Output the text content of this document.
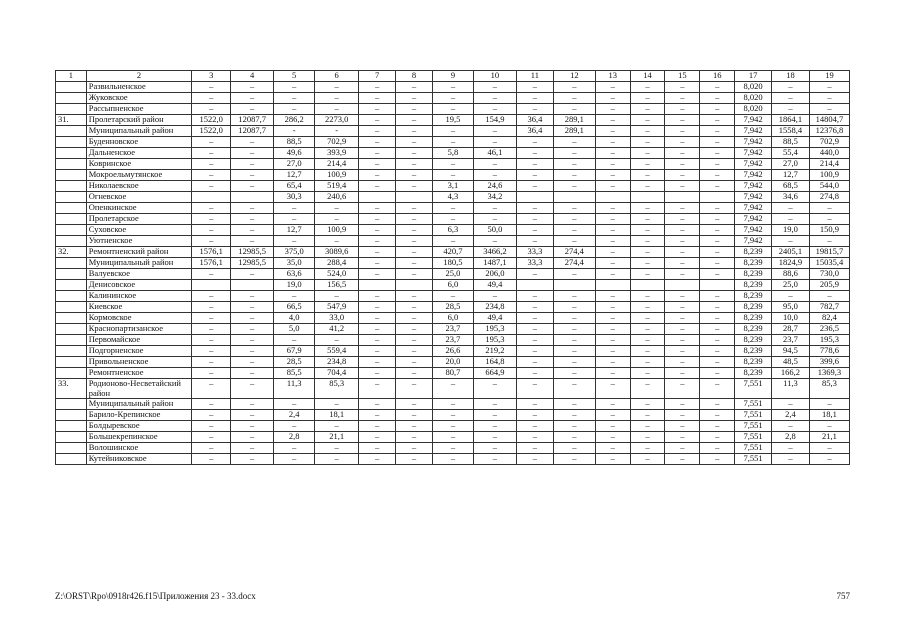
1	2	3	4	5	6	7	8	9	10	11	12	13	14	15	16	17	18	19
	Развильненское	–	–	–	–	–	–	–	–	–	–	–	–	–	–	8,020	–	–
	Жуковское	–	–	–	–	–	–	–	–	–	–	–	–	–	–	8,020	–	–
	Рассыпненское	–	–	–	–	–	–	–	–	–	–	–	–	–	–	8,020	–	–
31.	Пролетарский район	1522,0	12087,7	286,2	2273,0	–	–	19,5	154,9	36,4	289,1	–	–	–	–	7,942	1864,1	14804,7
	Муниципальный район	1522,0	12087,7	-	-	–	–	–	–	36,4	289,1	–	–	–	–	7,942	1558,4	12376,8
	Буденновское	–	–	88,5	702,9	–	–	–	–	–	–	–	–	–	–	7,942	88,5	702,9
	Дальненское	–	–	49,6	393,9	–	–	5,8	46,1	–	–	–	–	–	–	7,942	55,4	440,0
	Ковринское	–	–	27,0	214,4	–	–	–	–	–	–	–	–	–	–	7,942	27,0	214,4
	Мокроельмутянское	–	–	12,7	100,9	–	–	–	–	–	–	–	–	–	–	7,942	12,7	100,9
	Николаевское	–	–	65,4	519,4	–	–	3,1	24,6	–	–	–	–	–	–	7,942	68,5	544,0
	Огневское			30,3	240,6			4,3	34,2							7,942	34,6	274,8
	Опенкинское	–	–	–	–	–	–	–	–	–	–	–	–	–	–	7,942	–	–
	Пролетарское	–	–	–	–	–	–	–	–	–	–	–	–	–	–	7,942	–	–
	Суховское	–	–	12,7	100,9	–	–	6,3	50,0	–	–	–	–	–	–	7,942	19,0	150,9
	Уютненское	–	–	–	–	–	–	–	–	–	–	–	–	–	–	7,942	–	–
32.	Ремонтненский район	1576,1	12985,5	375,0	3089,6	–	–	420,7	3466,2	33,3	274,4	–	–	–	–	8,239	2405,1	19815,7
	Муниципальный район	1576,1	12985,5	35,0	288,4	–	–	180,5	1487,1	33,3	274,4	–	–	–	–	8,239	1824,9	15035,4
	Валуевское	–	–	63,6	524,0	–	–	25,0	206,0	–	–	–	–	–	–	8,239	88,6	730,0
	Денисовское			19,0	156,5			6,0	49,4							8,239	25,0	205,9
	Калининское	–	–	–	–	–	–	–	–	–	–	–	–	–	–	8,239	–	–
	Киевское	–	–	66,5	547,9	–	–	28,5	234,8	–	–	–	–	–	–	8,239	95,0	782,7
	Кормовское	–	–	4,0	33,0	–	–	6,0	49,4	–	–	–	–	–	–	8,239	10,0	82,4
	Краснопартизанское	–	–	5,0	41,2	–	–	23,7	195,3	–	–	–	–	–	–	8,239	28,7	236,5
	Первомайское	–	–	–	–	–	–	23,7	195,3	–	–	–	–	–	–	8,239	23,7	195,3
	Подгорненское	–	–	67,9	559,4	–	–	26,6	219,2	–	–	–	–	–	–	8,239	94,5	778,6
	Привольненское	–	–	28,5	234,8	–	–	20,0	164,8	–	–	–	–	–	–	8,239	48,5	399,6
	Ремонтненское	–	–	85,5	704,4	–	–	80,7	664,9	–	–	–	–	–	–	8,239	166,2	1369,3
33.	Родионово-Несветайский район	–	–	11,3	85,3	–	–	–	–	–	–	–	–	–	–	7,551	11,3	85,3
	Муниципальный район	–	–	–	–	–	–	–	–	–	–	–	–	–	–	7,551	–	–
	Барило-Крепинское	–	–	2,4	18,1	–	–	–	–	–	–	–	–	–	–	7,551	2,4	18,1
	Болдыревское	–	–	–	–	–	–	–	–	–	–	–	–	–	–	7,551	–	–
	Большекрепинское	–	–	2,8	21,1	–	–	–	–	–	–	–	–	–	–	7,551	2,8	21,1
	Волошинское	–	–	–	–	–	–	–	–	–	–	–	–	–	–	7,551	–	–
	Кутейниковское	–	–	–	–	–	–	–	–	–	–	–	–	–	–	7,551	–	–
Z:\ORST\Rpo\0918r426.f15\Приложения 23 - 33.docx	757
